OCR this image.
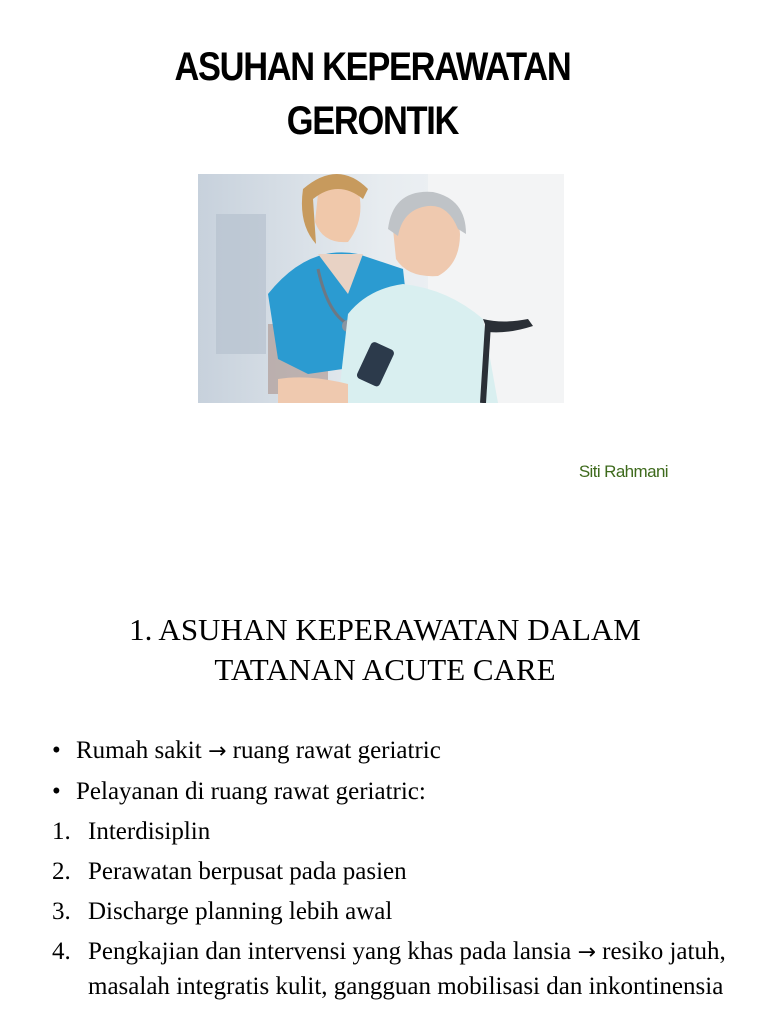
ASUHAN KEPERAWATAN
GERONTIK
Siti Rahmani
1. ASUHAN KEPERAWATAN DALAM
TATANAN ACUTE CARE
• Rumah sakit → ruang rawat geriatric
• Pelayanan di ruang rawat geriatric:
1. Interdisiplin
2. Perawatan berpusat pada pasien
3. Discharge planning lebih awal
4. Pengkajian dan intervensi yang khas pada lansia → resiko jatuh, masalah integratis kulit, gangguan mobilisasi dan inkontinensia
